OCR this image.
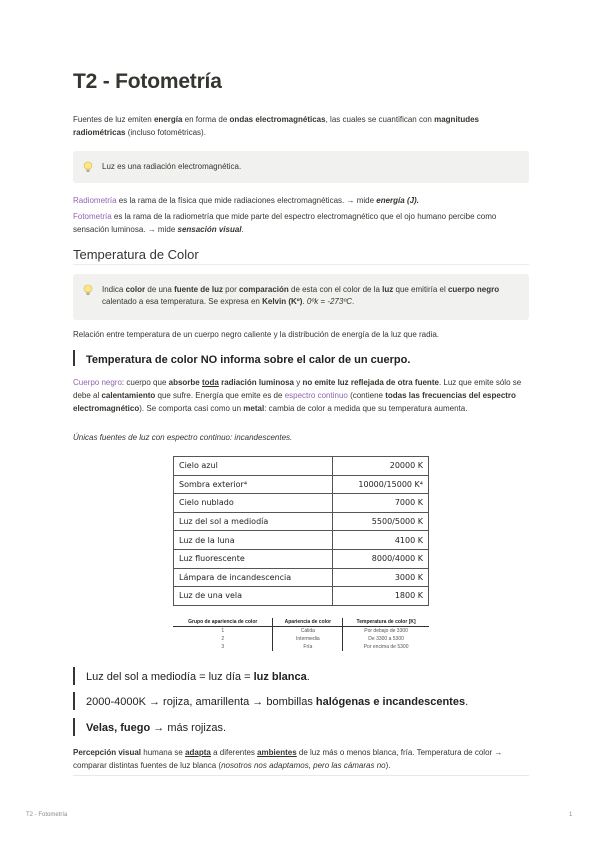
T2 - Fotometría

Fuentes de luz emiten energía en forma de ondas electromagnéticas, las cuales se cuantifican con magnitudes radiométricas (incluso fotométricas).

Luz es una radiación electromagnética.

Radiometría es la rama de la física que mide radiaciones electromagnéticas. → mide energía (J).

Fotometría es la rama de la radiometría que mide parte del espectro electromagnético que el ojo humano percibe como sensación luminosa. → mide sensación visual.

Temperatura de Color
Indica color de una fuente de luz por comparación de esta con el color de la luz que emitiría el cuerpo negro calentado a esa temperatura. Se expresa en Kelvin (Kº). 0ºk = -273ºC.

Relación entre temperatura de un cuerpo negro caliente y la distribución de energía de la luz que radia.

Temperatura de color NO informa sobre el calor de un cuerpo.

Cuerpo negro: cuerpo que absorbe toda radiación luminosa y no emite luz reflejada de otra fuente. Luz que emite sólo se debe al calentamiento que sufre. Energía que emite es de espectro continuo (contiene todas las frecuencias del espectro electromagnético). Se comporta casi como un metal: cambia de color a medida que su temperatura aumenta.

Únicas fuentes de luz con espectro continuo: incandescentes.

Cielo azul	20000 K
Sombra exterior⁴	10000/15000 K⁴
Cielo nublado	7000 K
Luz del sol a mediodía	5500/5000 K
Luz de la luna	4100 K
Luz fluorescente	8000/4000 K
Lámpara de incandescencia	3000 K
Luz de una vela	1800 K
Grupo de apariencia de color	Apariencia de color	Temperatura de color [K]
1	Cálida	Por debajo de 3300
2	Intermedia	De 3300 a 5300
3	Fría	Por encima de 5300
Luz del sol a mediodía = luz día = luz blanca.
2000-4000K → rojiza, amarillenta → bombillas halógenas e incandescentes.
Velas, fuego → más rojizas.

Percepción visual humana se adapta a diferentes ambientes de luz más o menos blanca, fría. Temperatura de color → comparar distintas fuentes de luz blanca (nosotros nos adaptamos, pero las cámaras no).

T2 - Fotometría	1
